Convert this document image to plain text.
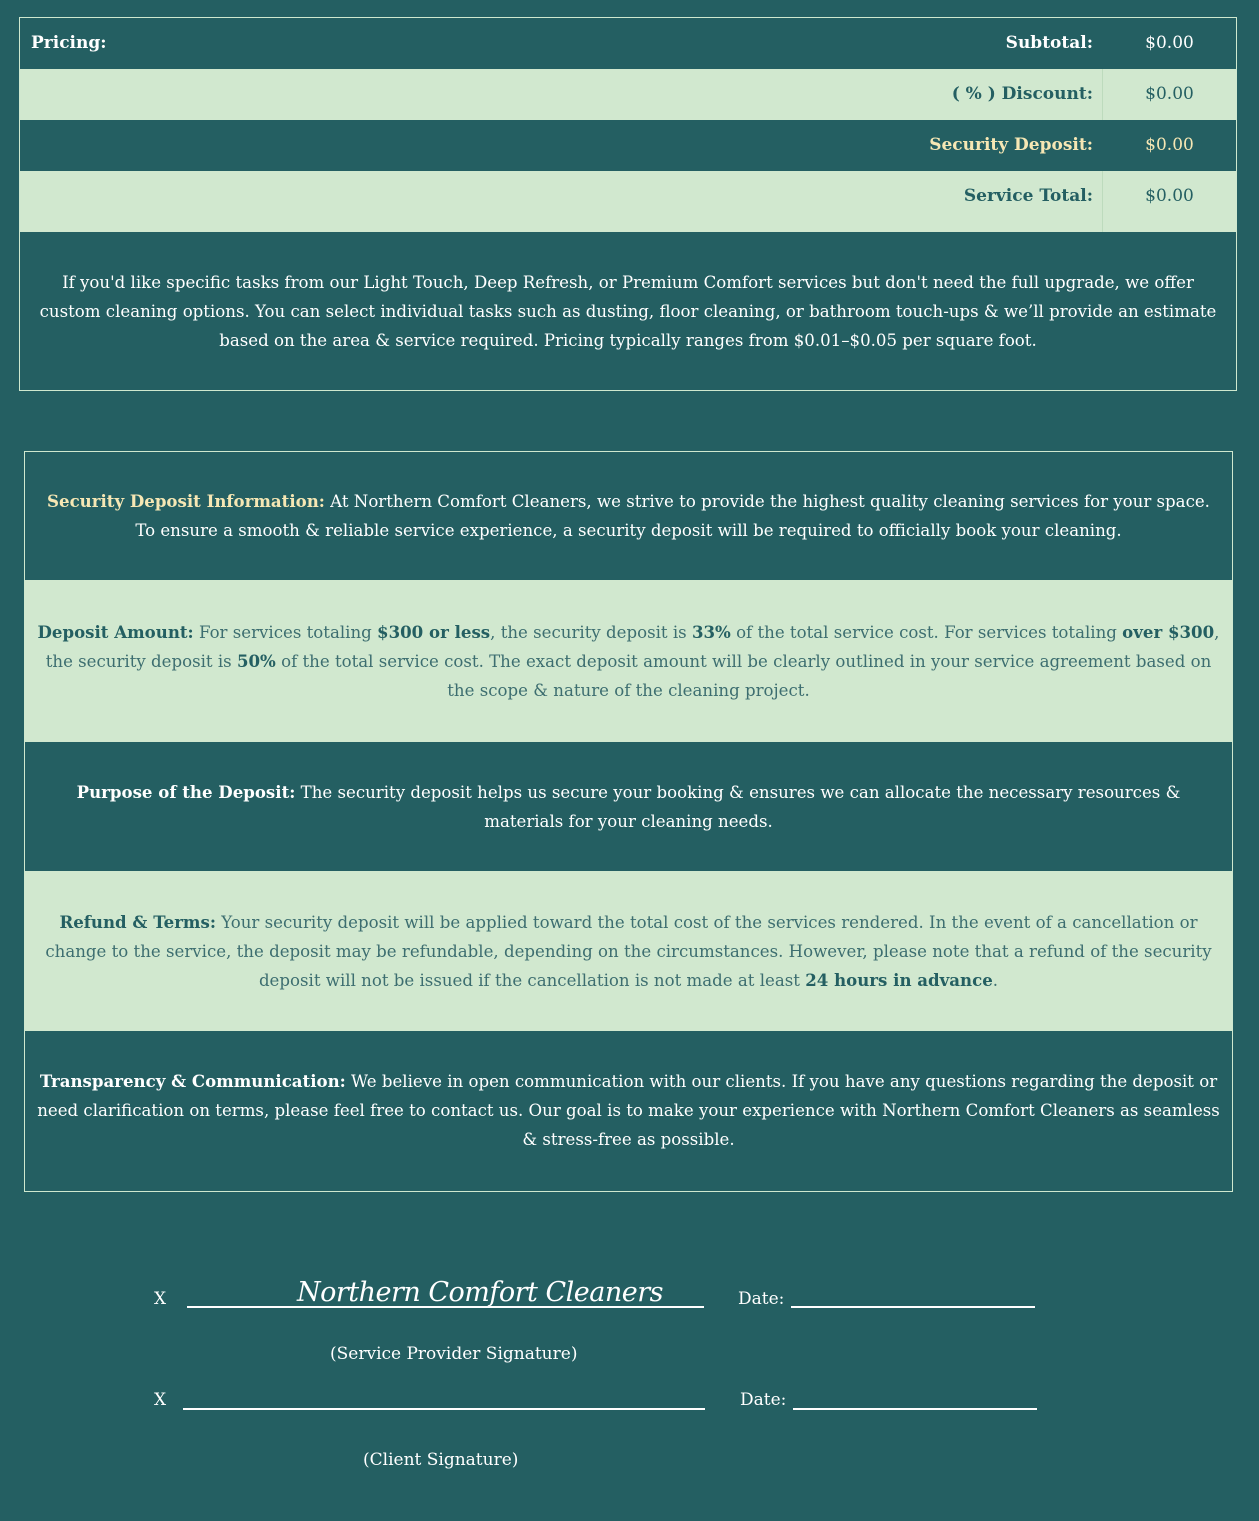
Pricing:	Subtotal:	$0.00
( % ) Discount:	$0.00
Security Deposit:	$0.00
Service Total:	$0.00
If you'd like specific tasks from our Light Touch, Deep Refresh, or Premium Comfort services but don't need the full upgrade, we offer custom cleaning options. You can select individual tasks such as dusting, floor cleaning, or bathroom touch-ups & we’ll provide an estimate based on the area & service required. Pricing typically ranges from $0.01–$0.05 per square foot.

Security Deposit Information: At Northern Comfort Cleaners, we strive to provide the highest quality cleaning services for your space. To ensure a smooth & reliable service experience, a security deposit will be required to officially book your cleaning.

Deposit Amount: For services totaling $300 or less, the security deposit is 33% of the total service cost. For services totaling over $300, the security deposit is 50% of the total service cost. The exact deposit amount will be clearly outlined in your service agreement based on the scope & nature of the cleaning project.

Purpose of the Deposit: The security deposit helps us secure your booking & ensures we can allocate the necessary resources & materials for your cleaning needs.

Refund & Terms: Your security deposit will be applied toward the total cost of the services rendered. In the event of a cancellation or change to the service, the deposit may be refundable, depending on the circumstances. However, please note that a refund of the security deposit will not be issued if the cancellation is not made at least 24 hours in advance.

Transparency & Communication: We believe in open communication with our clients. If you have any questions regarding the deposit or need clarification on terms, please feel free to contact us. Our goal is to make your experience with Northern Comfort Cleaners as seamless & stress-free as possible.

X	Northern Comfort Cleaners	Date:
(Service Provider Signature)
X	Date:
(Client Signature)
